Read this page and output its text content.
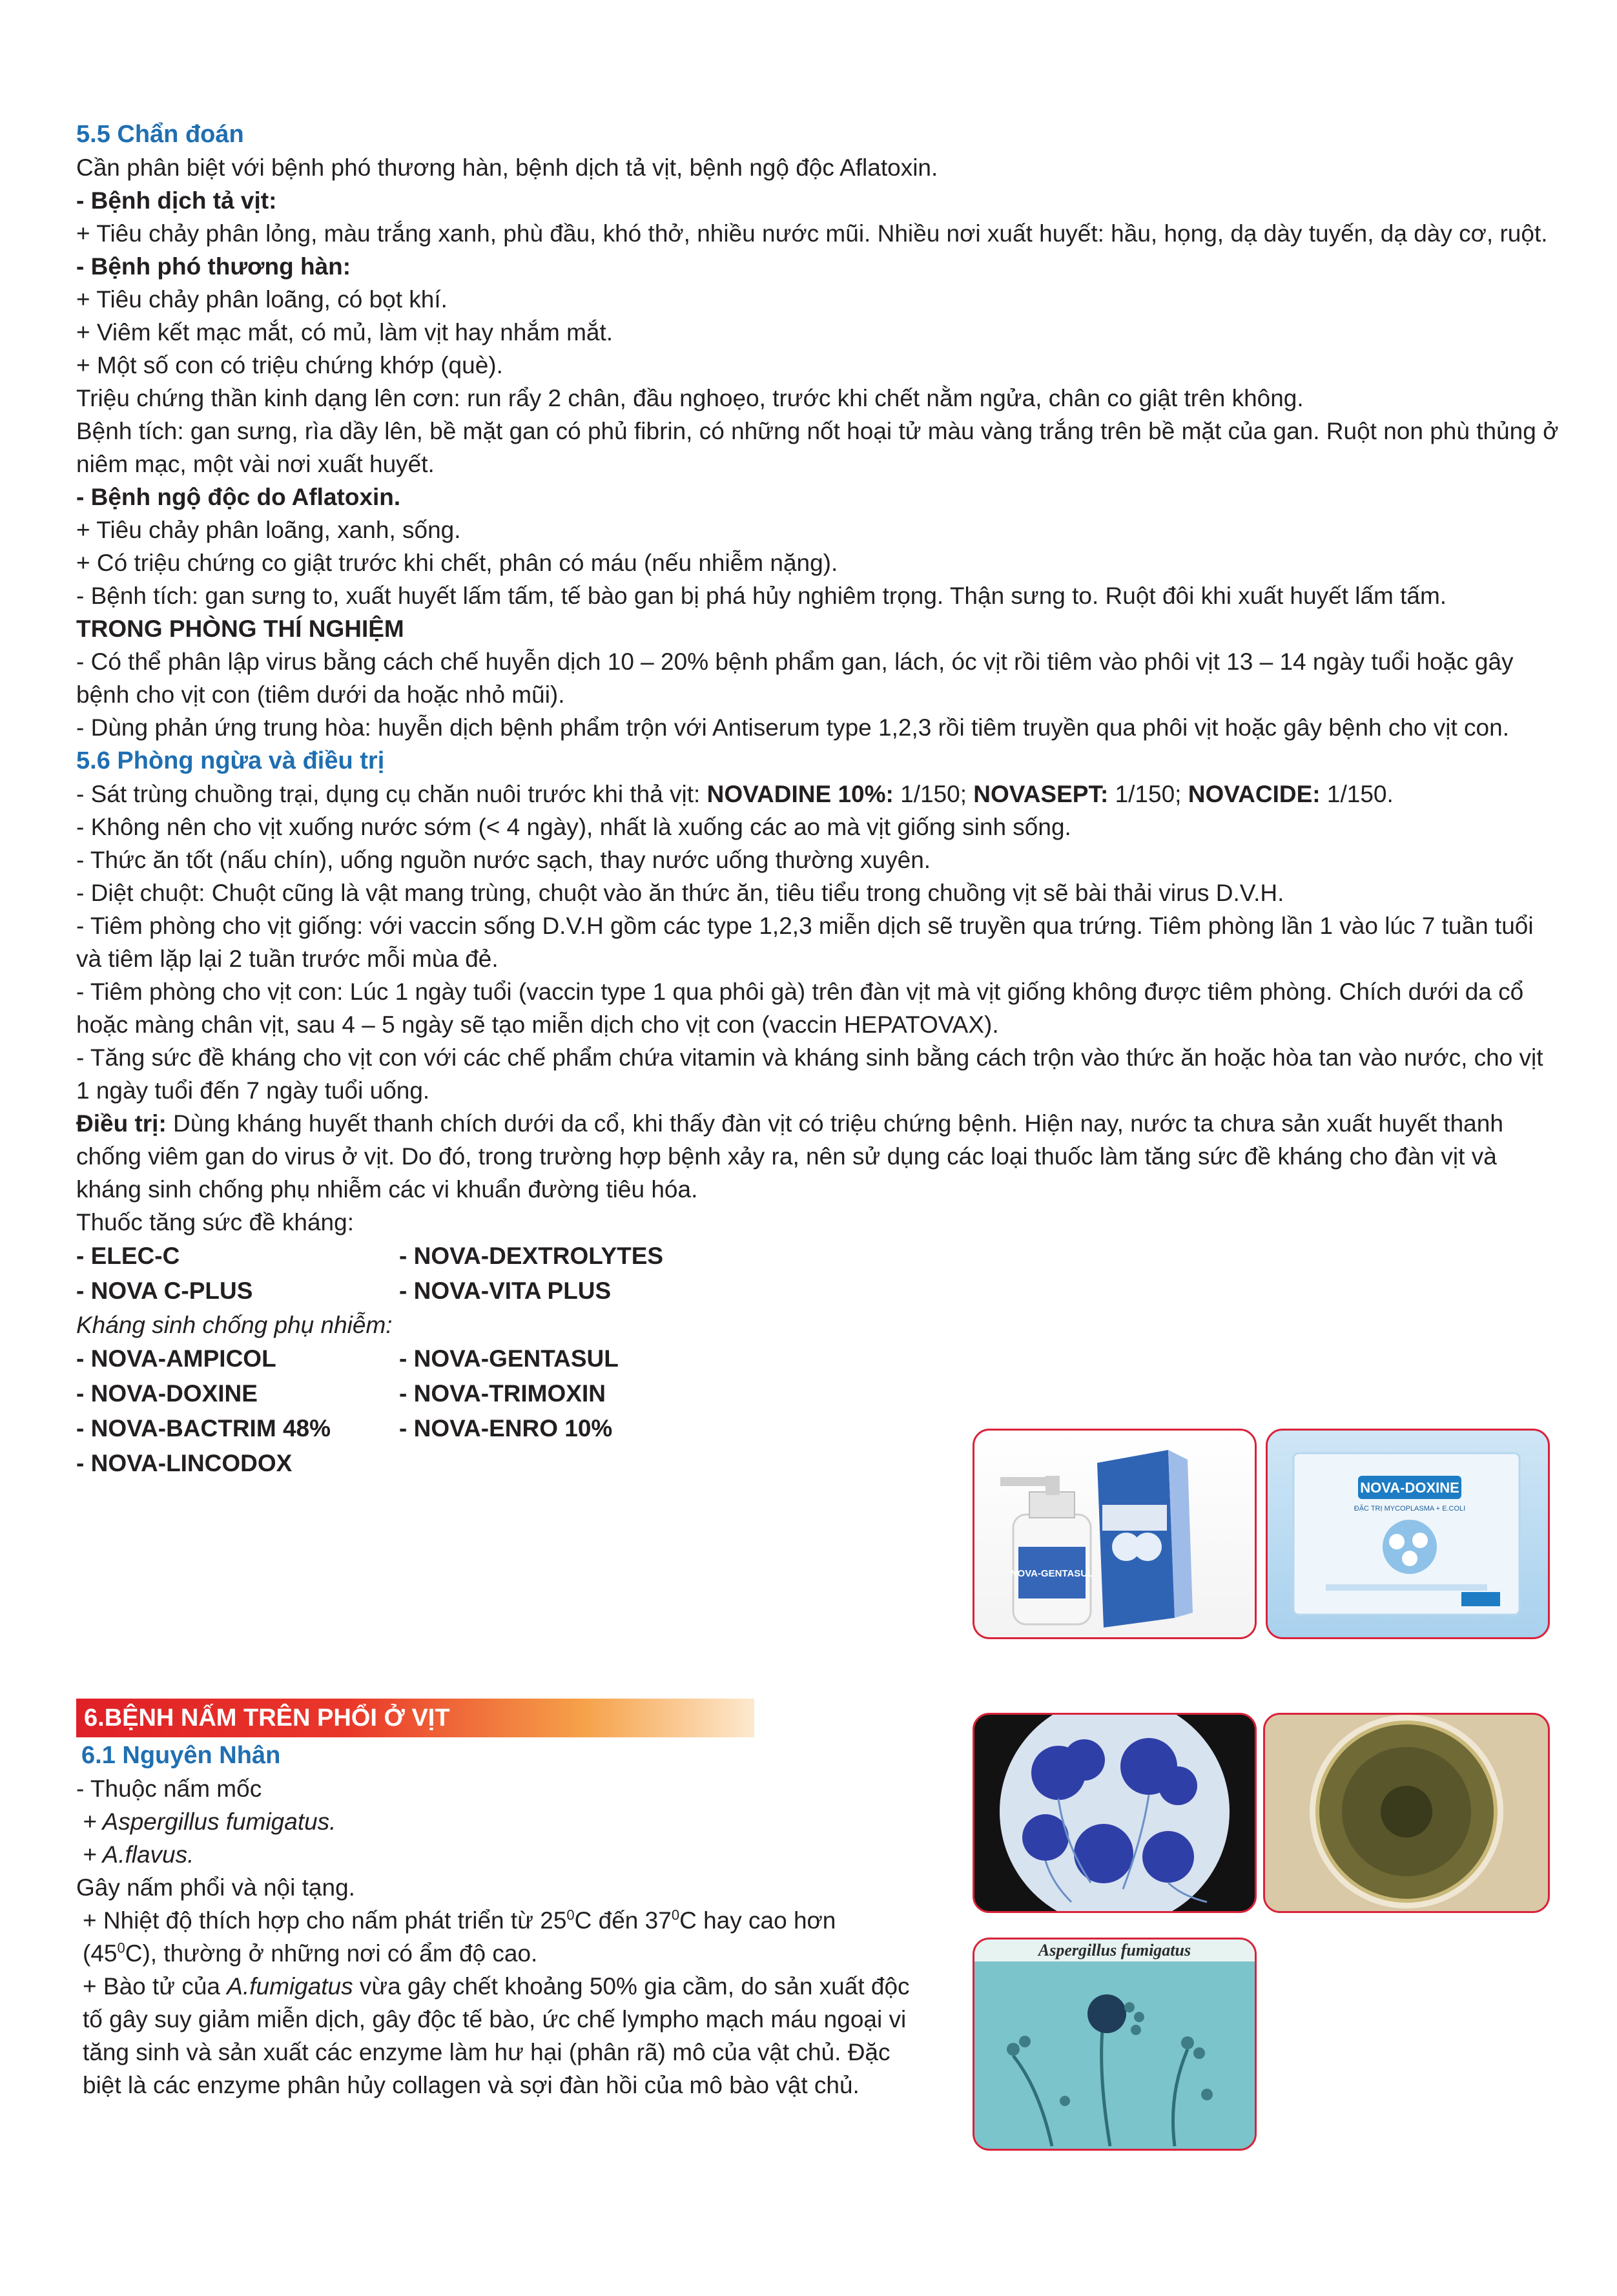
5.5 Chẩn đoán

Cần phân biệt với bệnh phó thương hàn, bệnh dịch tả vịt, bệnh ngộ độc Aflatoxin.

- Bệnh dịch tả vịt:

+ Tiêu chảy phân lỏng, màu trắng xanh, phù đầu, khó thở, nhiều nước mũi. Nhiều nơi xuất huyết: hầu, họng, dạ dày tuyến, dạ dày cơ, ruột.

- Bệnh phó thương hàn:

+ Tiêu chảy phân loãng, có bọt khí.

+ Viêm kết mạc mắt, có mủ, làm vịt hay nhắm mắt.

+ Một số con có triệu chứng khớp (què).

Triệu chứng thần kinh dạng lên cơn: run rẩy 2 chân, đầu nghoẹo, trước khi chết nằm ngửa, chân co giật trên không.

Bệnh tích: gan sưng, rìa dầy lên, bề mặt gan có phủ fibrin, có những nốt hoại tử màu vàng trắng trên bề mặt của gan. Ruột non phù thủng ở niêm mạc, một vài nơi xuất huyết.

- Bệnh ngộ độc do Aflatoxin.

+ Tiêu chảy phân loãng, xanh, sống.

+ Có triệu chứng co giật trước khi chết, phân có máu (nếu nhiễm nặng).

- Bệnh tích: gan sưng to, xuất huyết lấm tấm, tế bào gan bị phá hủy nghiêm trọng. Thận sưng to. Ruột đôi khi xuất huyết lấm tấm.

TRONG PHÒNG THÍ NGHIỆM

- Có thể phân lập virus bằng cách chế huyễn dịch 10 – 20% bệnh phẩm gan, lách, óc vịt rồi tiêm vào phôi vịt 13 – 14 ngày tuổi hoặc gây bệnh cho vịt con (tiêm dưới da hoặc nhỏ mũi).

- Dùng phản ứng trung hòa: huyễn dịch bệnh phẩm trộn với Antiserum type 1,2,3 rồi tiêm truyền qua phôi vịt hoặc gây bệnh cho vịt con.

5.6 Phòng ngừa và điều trị

- Sát trùng chuồng trại, dụng cụ chăn nuôi trước khi thả vịt: NOVADINE 10%: 1/150; NOVASEPT: 1/150; NOVACIDE: 1/150.

- Không nên cho vịt xuống nước sớm (< 4 ngày), nhất là xuống các ao mà vịt giống sinh sống.

- Thức ăn tốt (nấu chín), uống nguồn nước sạch, thay nước uống thường xuyên.

- Diệt chuột: Chuột cũng là vật mang trùng, chuột vào ăn thức ăn, tiêu tiểu trong chuồng vịt sẽ bài thải virus D.V.H.

- Tiêm phòng cho vịt giống: với vaccin sống D.V.H gồm các type 1,2,3 miễn dịch sẽ truyền qua trứng. Tiêm phòng lần 1 vào lúc 7 tuần tuổi và tiêm lặp lại 2 tuần trước mỗi mùa đẻ.

- Tiêm phòng cho vịt con: Lúc 1 ngày tuổi (vaccin type 1 qua phôi gà) trên đàn vịt mà vịt giống không được tiêm phòng. Chích dưới da cổ hoặc màng chân vịt, sau 4 – 5 ngày sẽ tạo miễn dịch cho vịt con (vaccin HEPATOVAX).

- Tăng sức đề kháng cho vịt con với các chế phẩm chứa vitamin và kháng sinh bằng cách trộn vào thức ăn hoặc hòa tan vào nước, cho vịt 1 ngày tuổi đến 7 ngày tuổi uống.

Điều trị: Dùng kháng huyết thanh chích dưới da cổ, khi thấy đàn vịt có triệu chứng bệnh. Hiện nay, nước ta chưa sản xuất huyết thanh chống viêm gan do virus ở vịt. Do đó, trong trường hợp bệnh xảy ra, nên sử dụng các loại thuốc làm tăng sức đề kháng cho đàn vịt và kháng sinh chống phụ nhiễm các vi khuẩn đường tiêu hóa.

Thuốc tăng sức đề kháng:

- ELEC-C	- NOVA-DEXTROLYTES
- NOVA C-PLUS	- NOVA-VITA PLUS

Kháng sinh chống phụ nhiễm:

- NOVA-AMPICOL	- NOVA-GENTASUL
- NOVA-DOXINE	- NOVA-TRIMOXIN
- NOVA-BACTRIM 48%	- NOVA-ENRO 10%
- NOVA-LINCODOX
NOVA-GENTASUL
NOVA-DOXINE
ĐẶC TRỊ MYCOPLASMA + E.COLI
6.BỆNH NẤM TRÊN PHỔI Ở VỊT

6.1 Nguyên Nhân

- Thuộc nấm mốc

+ Aspergillus fumigatus.

+ A.flavus.

Gây nấm phổi và nội tạng.

+ Nhiệt độ thích hợp cho nấm phát triển từ $25^0C$ đến $37^0C$ hay cao hơn $(45^0C)$, thường ở những nơi có ẩm độ cao.

+ Bào tử của A.fumigatus vừa gây chết khoảng 50% gia cầm, do sản xuất độc tố gây suy giảm miễn dịch, gây độc tế bào, ức chế lympho mạch máu ngoại vi tăng sinh và sản xuất các enzyme làm hư hại (phân rã) mô của vật chủ. Đặc biệt là các enzyme phân hủy collagen và sợi đàn hồi của mô bào vật chủ.

Aspergillus fumigatus
